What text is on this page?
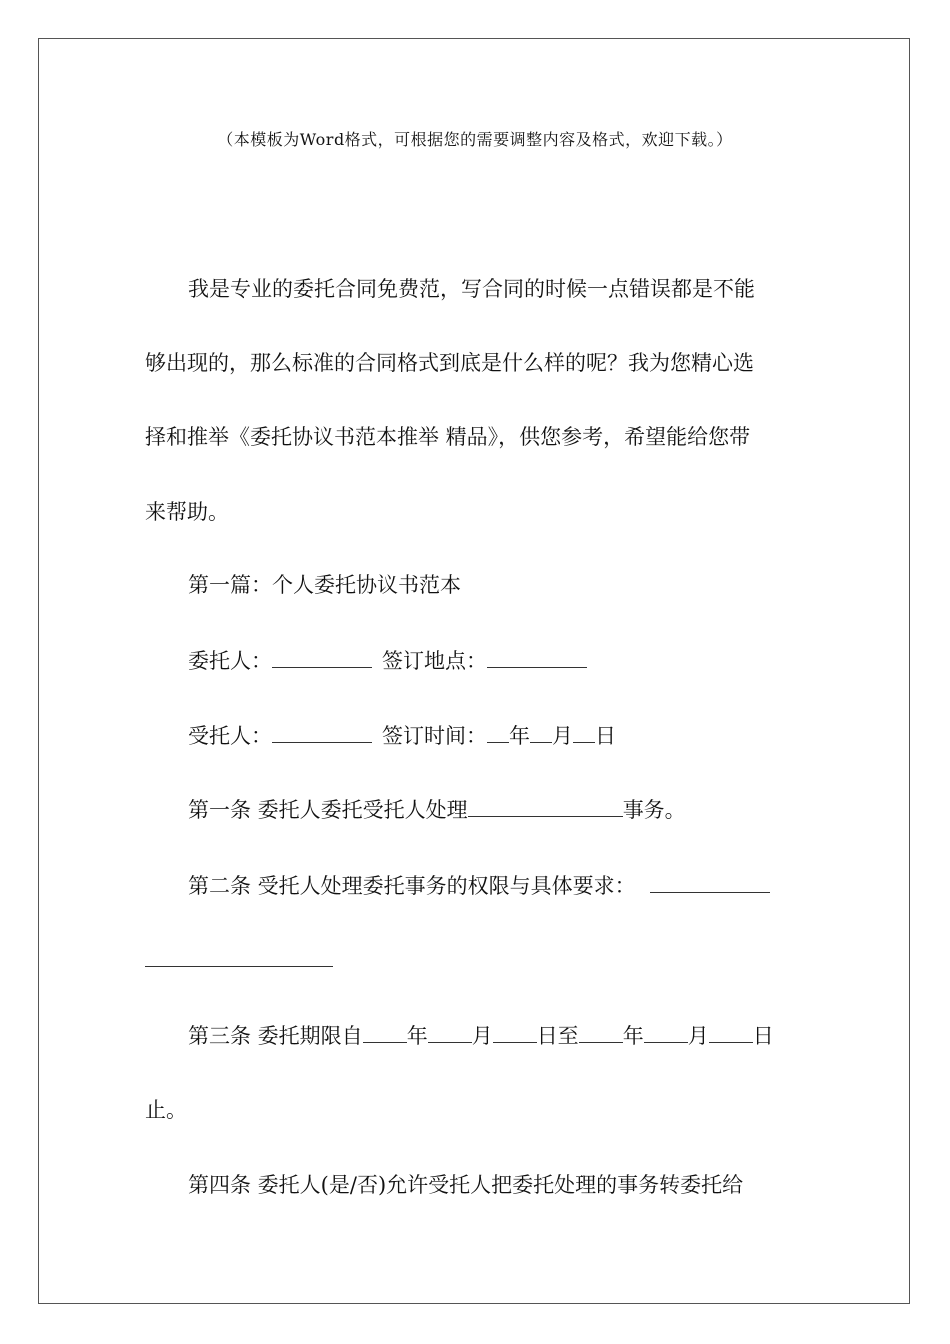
（本模板为Word格式，可根据您的需要调整内容及格式，欢迎下载。）
我是专业的委托合同免费范，写合同的时候一点错误都是不能
够出现的，那么标准的合同格式到底是什么样的呢？我为您精心选
择和推举《委托协议书范本推举 精品》，供您参考，希望能给您带
来帮助。
第一篇：个人委托协议书范本
委托人：	签订地点：
受托人：	签订时间： 年 月 日
第一条 委托人委托受托人处理	事务。
第二条 受托人处理委托事务的权限与具体要求：
第三条 委托期限自 年 月 日至 年 月 日
止。
第四条 委托人(是/否)允许受托人把委托处理的事务转委托给
